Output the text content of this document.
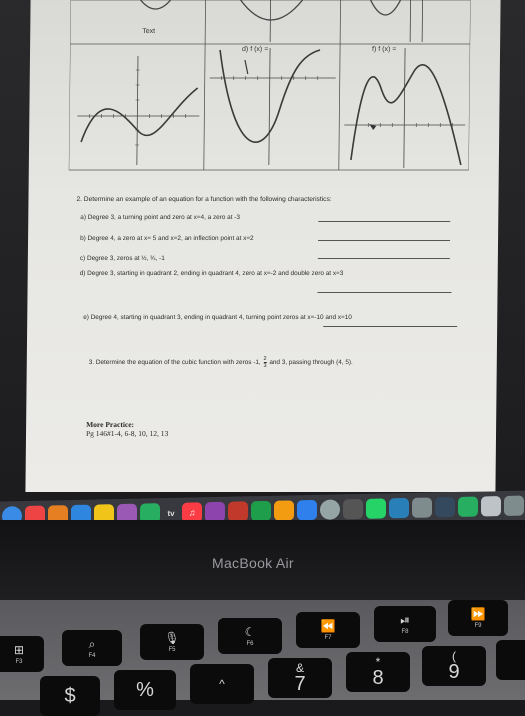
Text
d) f (x) =	f) f (x) =
2. Determine an example of an equation for a function with the following characteristics:
a) Degree 3, a turning point and zero at x=4, a zero at -3
b) Degree 4, a zero at x= 5 and x=2, an inflection point at x=2
c) Degree 3, zeros at ½, ¾, -1
d) Degree 3, starting in quadrant 2, ending in quadrant 4, zero at x=-2 and double zero at x=3
e) Degree 4, starting in quadrant 3, ending in quadrant 4, turning point zeros at x=-10 and x=10
3. Determine the equation of the cubic function with zeros -1, $\frac{2}{3}$ and 3, passing through (4, 5).
More Practice:
Pg 146#1-4, 6-8, 10, 12, 13
tv	♫
MacBook Air
⊞
F3
⌕
F4
🎙
F5
☾
F6
⏪
F7
⏯
F8
⏩
F9
$	%	^
&
7
*
8
(
9
